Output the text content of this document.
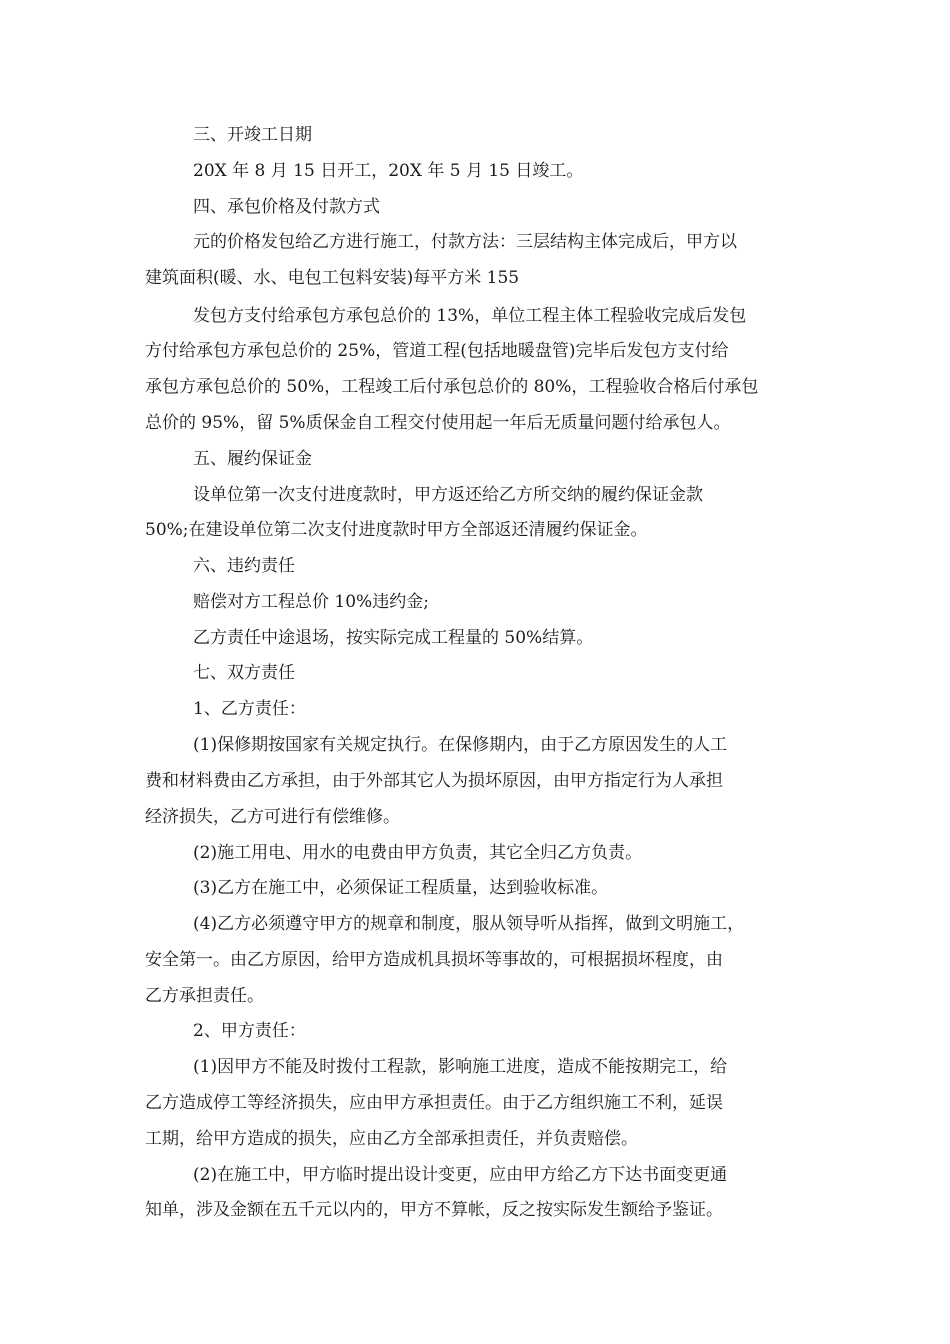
三、开竣工日期
20X 年 8 月 15 日开工，20X 年 5 月 15 日竣工。
四、承包价格及付款方式
元的价格发包给乙方进行施工，付款方法：三层结构主体完成后，甲方以
建筑面积(暖、水、电包工包料安装)每平方米 155
发包方支付给承包方承包总价的 13%，单位工程主体工程验收完成后发包
方付给承包方承包总价的 25%，管道工程(包括地暖盘管)完毕后发包方支付给
承包方承包总价的 50%，工程竣工后付承包总价的 80%，工程验收合格后付承包
总价的 95%，留 5%质保金自工程交付使用起一年后无质量问题付给承包人。
五、履约保证金
设单位第一次支付进度款时，甲方返还给乙方所交纳的履约保证金款
50%;在建设单位第二次支付进度款时甲方全部返还清履约保证金。
六、违约责任
赔偿对方工程总价 10%违约金;
乙方责任中途退场，按实际完成工程量的 50%结算。
七、双方责任
1、乙方责任：
(1)保修期按国家有关规定执行。在保修期内，由于乙方原因发生的人工
费和材料费由乙方承担，由于外部其它人为损坏原因，由甲方指定行为人承担
经济损失，乙方可进行有偿维修。
(2)施工用电、用水的电费由甲方负责，其它全归乙方负责。
(3)乙方在施工中，必须保证工程质量，达到验收标准。
(4)乙方必须遵守甲方的规章和制度，服从领导听从指挥，做到文明施工，
安全第一。由乙方原因，给甲方造成机具损坏等事故的，可根据损坏程度，由
乙方承担责任。
2、甲方责任：
(1)因甲方不能及时拨付工程款，影响施工进度，造成不能按期完工，给
乙方造成停工等经济损失，应由甲方承担责任。由于乙方组织施工不利，延误
工期，给甲方造成的损失，应由乙方全部承担责任，并负责赔偿。
(2)在施工中，甲方临时提出设计变更，应由甲方给乙方下达书面变更通
知单，涉及金额在五千元以内的，甲方不算帐，反之按实际发生额给予鉴证。
